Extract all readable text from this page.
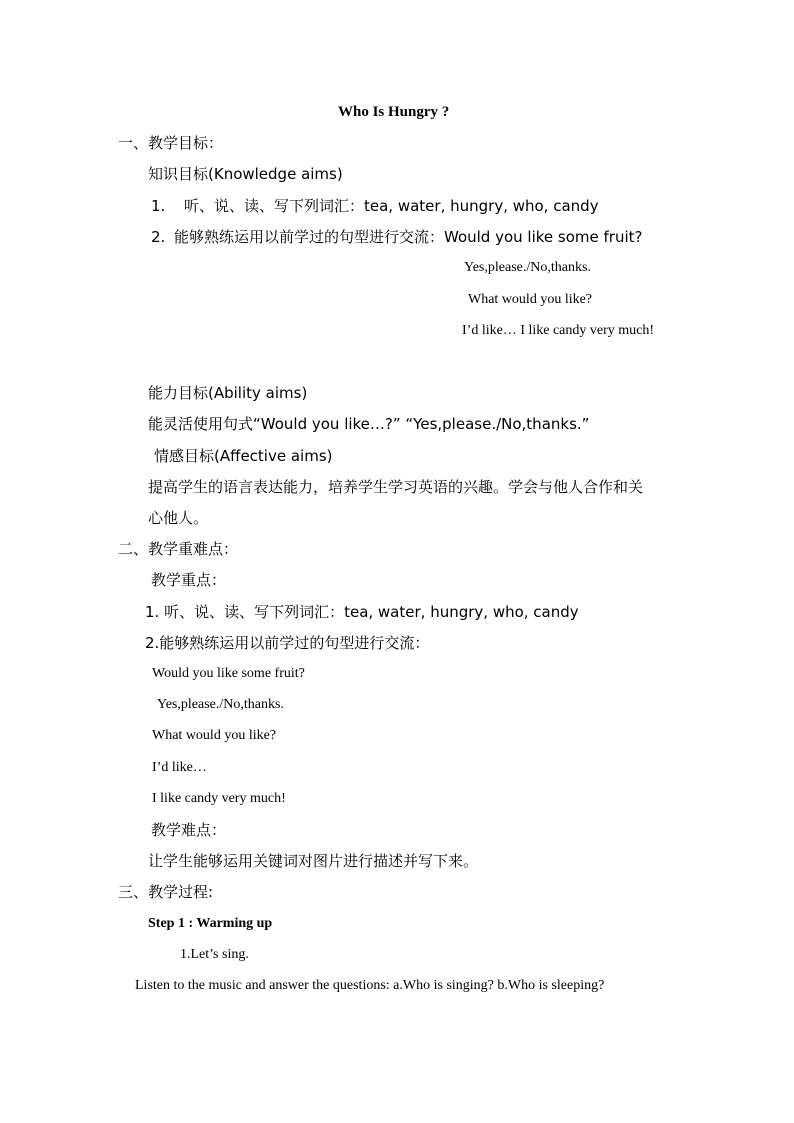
Who Is Hungry ?
一、教学目标：
知识目标(Knowledge aims)
1. 听、说、读、写下列词汇：tea, water, hungry, who, candy
2. 能够熟练运用以前学过的句型进行交流：Would you like some fruit?
Yes,please./No,thanks.
What would you like?
I’d like… I like candy very much!
能力目标(Ability aims)
能灵活使用句式“Would you like…?” “Yes,please./No,thanks.”
情感目标(Affective aims)
提高学生的语言表达能力，培养学生学习英语的兴趣。学会与他人合作和关
心他人。
二、教学重难点：
教学重点：
1. 听、说、读、写下列词汇：tea, water, hungry, who, candy
2.能够熟练运用以前学过的句型进行交流：
Would you like some fruit?
Yes,please./No,thanks.
What would you like?
I’d like…
I like candy very much!
教学难点：
让学生能够运用关键词对图片进行描述并写下来。
三、教学过程:
Step 1 : Warming up
1.Let’s sing.
Listen to the music and answer the questions: a.Who is singing? b.Who is sleeping?
